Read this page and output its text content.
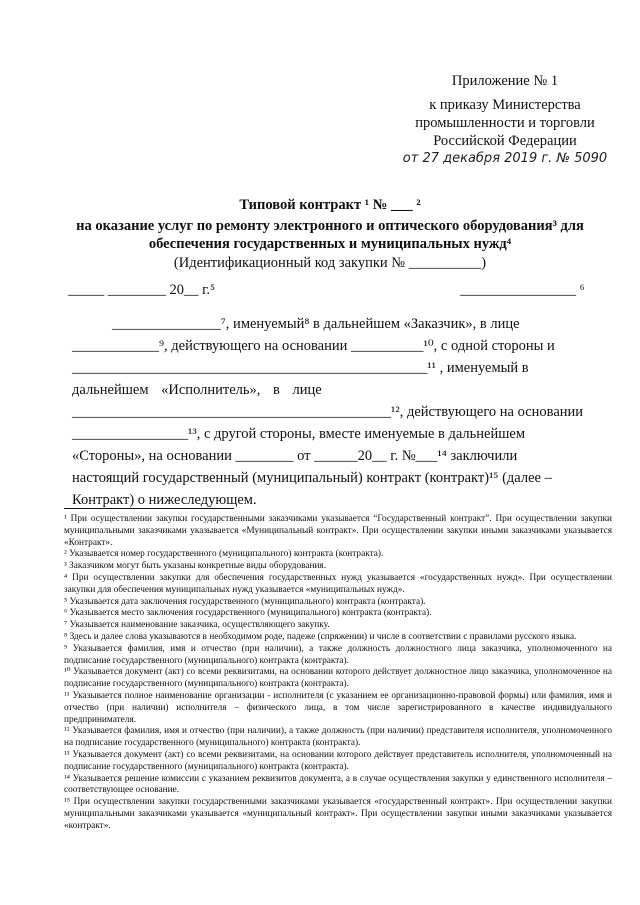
Приложение № 1
к приказу Министерства
промышленности и торговли
Российской Федерации
от 27 декабря 2019 г. № 5090
Типовой контракт ¹ № ___ ²
на оказание услуг по ремонту электронного и оптического оборудования³ для
обеспечения государственных и муниципальных нужд⁴
(Идентификационный код закупки № __________)
_____ ________ 20__ г.⁵	________________ ⁶
_______________⁷, именуемый⁸ в дальнейшем «Заказчик», в лице
____________⁹, действующего на основании __________¹⁰, с одной стороны и
_________________________________________________¹¹ , именуемый в
дальнейшем «Исполнитель», в лице
____________________________________________¹², действующего на основании
________________¹³, с другой стороны, вместе именуемые в дальнейшем
«Стороны», на основании ________ от ______20__ г. №___¹⁴ заключили
настоящий государственный (муниципальный) контракт (контракт)¹⁵ (далее –
Контракт) о нижеследующем.

¹ При осуществлении закупки государственными заказчиками указывается “Государственный контракт”. При осуществлении закупки муниципальными заказчиками указывается «Муниципальный контракт». При осуществлении закупки иными заказчиками указывается «Контракт».

² Указывается номер государственного (муниципального) контракта (контракта).

³ Заказчиком могут быть указаны конкретные виды оборудования.

⁴ При осуществлении закупки для обеспечения государственных нужд указывается «государственных нужд». При осуществлении закупки для обеспечения муниципальных нужд указывается «муниципальных нужд».

⁵ Указывается дата заключения государственного (муниципального) контракта (контракта).

⁶ Указывается место заключения государственного (муниципального) контракта (контракта).

⁷ Указывается наименование заказчика, осуществляющего закупку.

⁸ Здесь и далее слова указываются в необходимом роде, падеже (спряжении) и числе в соответствии с правилами русского языка.

⁹ Указывается фамилия, имя и отчество (при наличии), а также должность должностного лица заказчика, уполномоченного на подписание государственного (муниципального) контракта (контракта).

¹⁰ Указывается документ (акт) со всеми реквизитами, на основании которого действует должностное лицо заказчика, уполномоченное на подписание государственного (муниципального) контракта (контракта).

¹¹ Указывается полное наименование организации - исполнителя (с указанием ее организационно-правовой формы) или фамилия, имя и отчество (при наличии) исполнителя – физического лица, в том числе зарегистрированного в качестве индивидуального предпринимателя.

¹² Указывается фамилия, имя и отчество (при наличии), а также должность (при наличии) представителя исполнителя, уполномоченного на подписание государственного (муниципального) контракта (контракта).

¹³ Указывается документ (акт) со всеми реквизитами, на основании которого действует представитель исполнителя, уполномоченный на подписание государственного (муниципального) контракта (контракта).

¹⁴ Указывается решение комиссии с указанием реквизитов документа, а в случае осуществления закупки у единственного исполнителя – соответствующее основание.

¹⁵ При осуществлении закупки государственными заказчиками указывается «государственный контракт». При осуществлении закупки муниципальными заказчиками указывается «муниципальный контракт». При осуществлении закупки иными заказчиками указывается «контракт».
